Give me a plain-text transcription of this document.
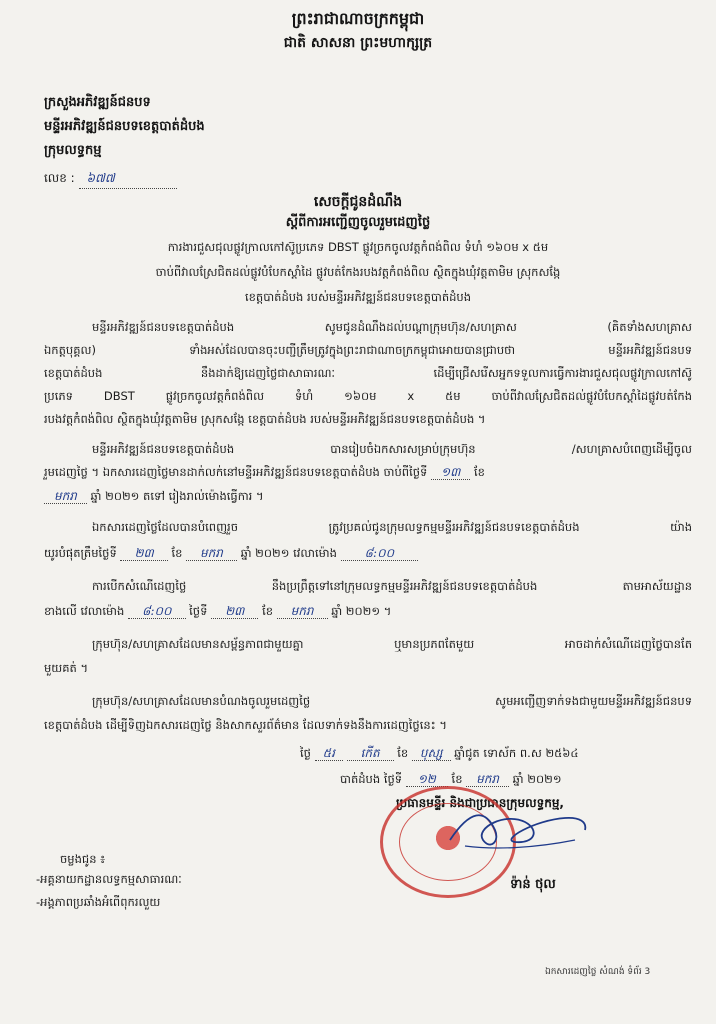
ព្រះរាជាណាចក្រកម្ពុជា
ជាតិ សាសនា ព្រះមហាក្សត្រ
ក្រសួងអភិវឌ្ឍន៍ជនបទ
មន្ទីរអភិវឌ្ឍន៍ជនបទខេត្តបាត់ដំបង
ក្រុមលទ្ធកម្ម
លេខ : ៦៧៧
សេចក្តីជូនដំណឹង
ស្តីពីការអញ្ជើញចូលរួមដេញថ្លៃ
ការងារជួសជុលផ្លូវក្រាលកៅស៊ូប្រភេទ DBST ផ្លូវច្រកចូលវត្តកំពង់ពិល ទំហំ ១៦០ម x ៥ម
ចាប់ពីវាលស្រែជិតដល់ផ្លូវបំបែកស្តាំដៃ ផ្លូវបត់កែងរបងវត្តកំពង់ពិល ស្ថិតក្នុងឃុំវត្តតាមិម ស្រុកសង្កែ
ខេត្តបាត់ដំបង របស់មន្ទីរអភិវឌ្ឍន៍ជនបទខេត្តបាត់ដំបង
មន្ទីរអភិវឌ្ឍន៍ជនបទខេត្តបាត់ដំបង សូមជូនដំណឹងដល់បណ្តាក្រុមហ៊ុន/សហគ្រាស (គិតទាំងសហគ្រាស
ឯកត្តបុគ្គល) ទាំងអស់ដែលបានចុះបញ្ជីត្រឹមត្រូវក្នុងព្រះរាជាណាចក្រកម្ពុជាអោយបានជ្រាបថា មន្ទីរអភិវឌ្ឍន៍ជនបទ
ខេត្តបាត់ដំបង នឹងដាក់ឱ្យដេញថ្លៃជាសាធារណៈ ដើម្បីជ្រើសរើសអ្នកទទួលការធ្វើការងារជួសជុលផ្លូវក្រាលកៅស៊ូ
ប្រភេទ DBST ផ្លូវច្រកចូលវត្តកំពង់ពិល ទំហំ ១៦០ម x ៥ម ចាប់ពីវាលស្រែជិតដល់ផ្លូវបំបែកស្តាំដៃផ្លូវបត់កែង
របងវត្តកំពង់ពិល ស្ថិតក្នុងឃុំវត្តតាមិម ស្រុកសង្កែ ខេត្តបាត់ដំបង របស់មន្ទីរអភិវឌ្ឍន៍ជនបទខេត្តបាត់ដំបង ។
មន្ទីរអភិវឌ្ឍន៍ជនបទខេត្តបាត់ដំបង បានរៀបចំឯកសារសម្រាប់ក្រុមហ៊ុន /សហគ្រាសបំពេញដើម្បីចូល
រួមដេញថ្លៃ ។ ឯកសារដេញថ្លៃមានដាក់លក់នៅមន្ទីរអភិវឌ្ឍន៍ជនបទខេត្តបាត់ដំបង ចាប់ពីថ្ងៃទី ១៣ ខែ
មករា ឆ្នាំ ២០២១ តទៅ រៀងរាល់ម៉ោងធ្វើការ ។
ឯកសារដេញថ្លៃដែលបានបំពេញរួច ត្រូវប្រគល់ជូនក្រុមលទ្ធកម្មមន្ទីរអភិវឌ្ឍន៍ជនបទខេត្តបាត់ដំបង យ៉ាង
យូរបំផុតត្រឹមថ្ងៃទី ២៣ ខែ មករា ឆ្នាំ ២០២១ វេលាម៉ោង ៨:០០
ការបើកសំណើដេញថ្លៃ នឹងប្រព្រឹត្តទៅនៅក្រុមលទ្ធកម្មមន្ទីរអភិវឌ្ឍន៍ជនបទខេត្តបាត់ដំបង តាមអាស័យដ្ឋាន
ខាងលើ វេលាម៉ោង ៨:០០ ថ្ងៃទី ២៣ ខែ មករា ឆ្នាំ ២០២១ ។
ក្រុមហ៊ុន/សហគ្រាសដែលមានសម្ព័ន្ធភាពជាមួយគ្នា ឬមានប្រភពតែមួយ អាចដាក់សំណើដេញថ្លៃបានតែ
មួយគត់ ។
ក្រុមហ៊ុន/សហគ្រាសដែលមានបំណងចូលរួមដេញថ្លៃ សូមអញ្ជើញទាក់ទងជាមួយមន្ទីរអភិវឌ្ឍន៍ជនបទ
ខេត្តបាត់ដំបង ដើម្បីទិញឯកសារដេញថ្លៃ និងសាកសួរព័ត៌មាន ដែលទាក់ទងនឹងការដេញថ្លៃនេះ ។
ថ្ងៃ ៥រ កើត ខែ បុស្ស ឆ្នាំជូត ទោស័ក ព.ស ២៥៦៤
បាត់ដំបង ថ្ងៃទី ១២ ខែ មករា ឆ្នាំ ២០២១
ប្រធានមន្ទីរ និងជាប្រធានក្រុមលទ្ធកម្ម,
ទ៉ាន់ ថុល
ចម្លងជូន ៖
-អគ្គនាយកដ្ឋានលទ្ធកម្មសាធារណៈ
-អង្គភាពប្រឆាំងអំពើពុករលួយ
ឯកសារដេញថ្លៃ សំណង់ ទំព័រ 3
